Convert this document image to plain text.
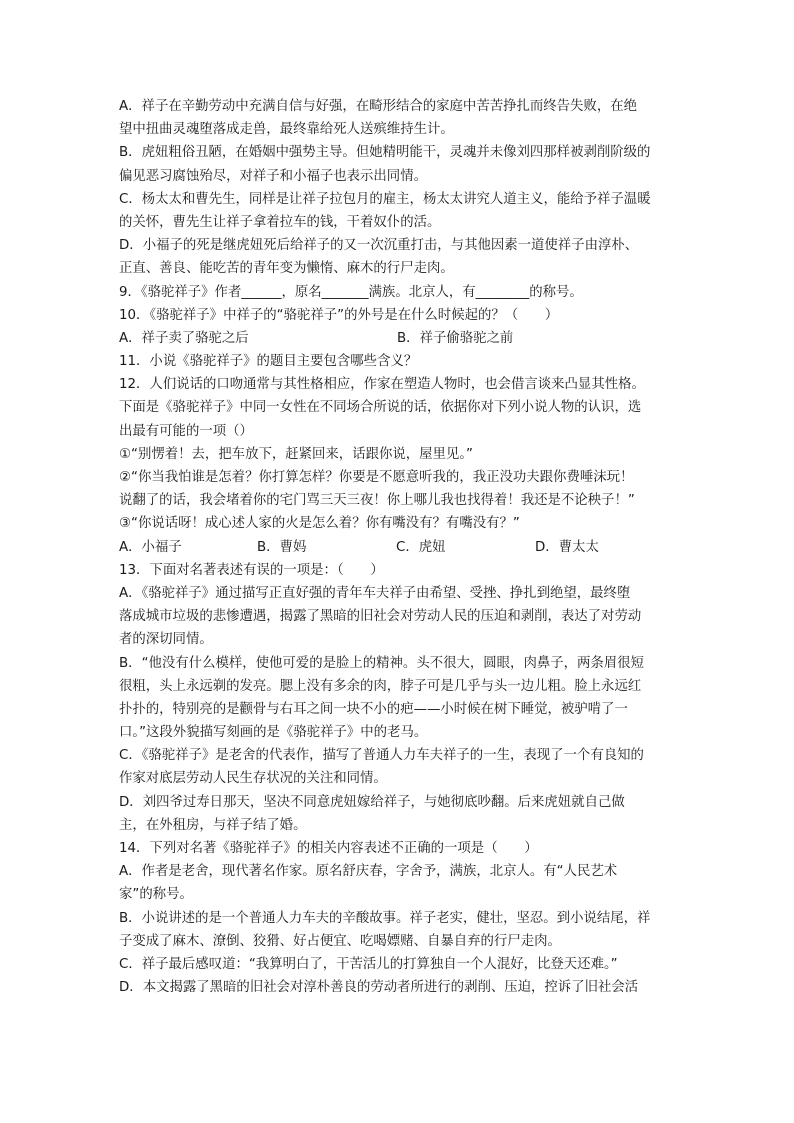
A．祥子在辛勤劳动中充满自信与好强，在畸形结合的家庭中苦苦挣扎而终告失败，在绝
望中扭曲灵魂堕落成走兽，最终靠给死人送殡维持生计。
B．虎妞粗俗丑陋，在婚姻中强势主导。但她精明能干，灵魂并未像刘四那样被剥削阶级的
偏见恶习腐蚀殆尽，对祥子和小福子也表示出同情。
C．杨太太和曹先生，同样是让祥子拉包月的雇主，杨太太讲究人道主义，能给予祥子温暖
的关怀，曹先生让祥子拿着拉车的钱，干着奴仆的活。
D．小福子的死是继虎妞死后给祥子的又一次沉重打击，与其他因素一道使祥子由淳朴、
正直、善良、能吃苦的青年变为懒惰、麻木的行尸走肉。
9．《骆驼祥子》作者______，原名_______满族。北京人，有________的称号。
10．《骆驼祥子》中祥子的“骆驼祥子”的外号是在什么时候起的？（　　）
A．祥子卖了骆驼之后	B．祥子偷骆驼之前
11．小说《骆驼祥子》的题目主要包含哪些含义？
12．人们说话的口吻通常与其性格相应，作家在塑造人物时，也会借言谈来凸显其性格。
下面是《骆驼祥子》中同一女性在不同场合所说的话，依据你对下列小说人物的认识，选
出最有可能的一项（）
①“别愣着！去，把车放下，赶紧回来，话跟你说，屋里见。”
②“你当我怕谁是怎着？你打算怎样？你要是不愿意听我的，我正没功夫跟你费唾沫玩！
说翻了的话，我会堵着你的宅门骂三天三夜！你上哪儿我也找得着！我还是不论秧子！”
③“你说话呀！成心述人家的火是怎么着？你有嘴没有？有嘴没有？”
A．小福子	B．曹妈	C．虎妞	D．曹太太
13．下面对名著表述有误的一项是：（　　）
A．《骆驼祥子》通过描写正直好强的青年车夫祥子由希望、受挫、挣扎到绝望，最终堕
落成城市垃圾的悲惨遭遇，揭露了黑暗的旧社会对劳动人民的压迫和剥削，表达了对劳动
者的深切同情。
B．“他没有什么模样，使他可爱的是脸上的精神。头不很大，圆眼，肉鼻子，两条眉很短
很粗，头上永远剃的发亮。腮上没有多余的肉，脖子可是几乎与头一边儿粗。脸上永远红
扑扑的，特别亮的是颧骨与右耳之间一块不小的疤——小时候在树下睡觉，被驴啃了一
口。”这段外貌描写刻画的是《骆驼祥子》中的老马。
C．《骆驼祥子》是老舍的代表作，描写了普通人力车夫祥子的一生，表现了一个有良知的
作家对底层劳动人民生存状况的关注和同情。
D．刘四爷过寿日那天，坚决不同意虎妞嫁给祥子，与她彻底吵翻。后来虎妞就自己做
主，在外租房，与祥子结了婚。
14．下列对名著《骆驼祥子》的相关内容表述不正确的一项是（　　）
A．作者是老舍，现代著名作家。原名舒庆春，字舍予，满族，北京人。有“人民艺术
家”的称号。
B．小说讲述的是一个普通人力车夫的辛酸故事。祥子老实，健壮，坚忍。到小说结尾，祥
子变成了麻木、潦倒、狡猾、好占便宜、吃喝嫖赌、自暴自弃的行尸走肉。
C．祥子最后感叹道：“我算明白了，干苦活儿的打算独自一个人混好，比登天还难。”
D．本文揭露了黑暗的旧社会对淳朴善良的劳动者所进行的剥削、压迫，控诉了旧社会活
